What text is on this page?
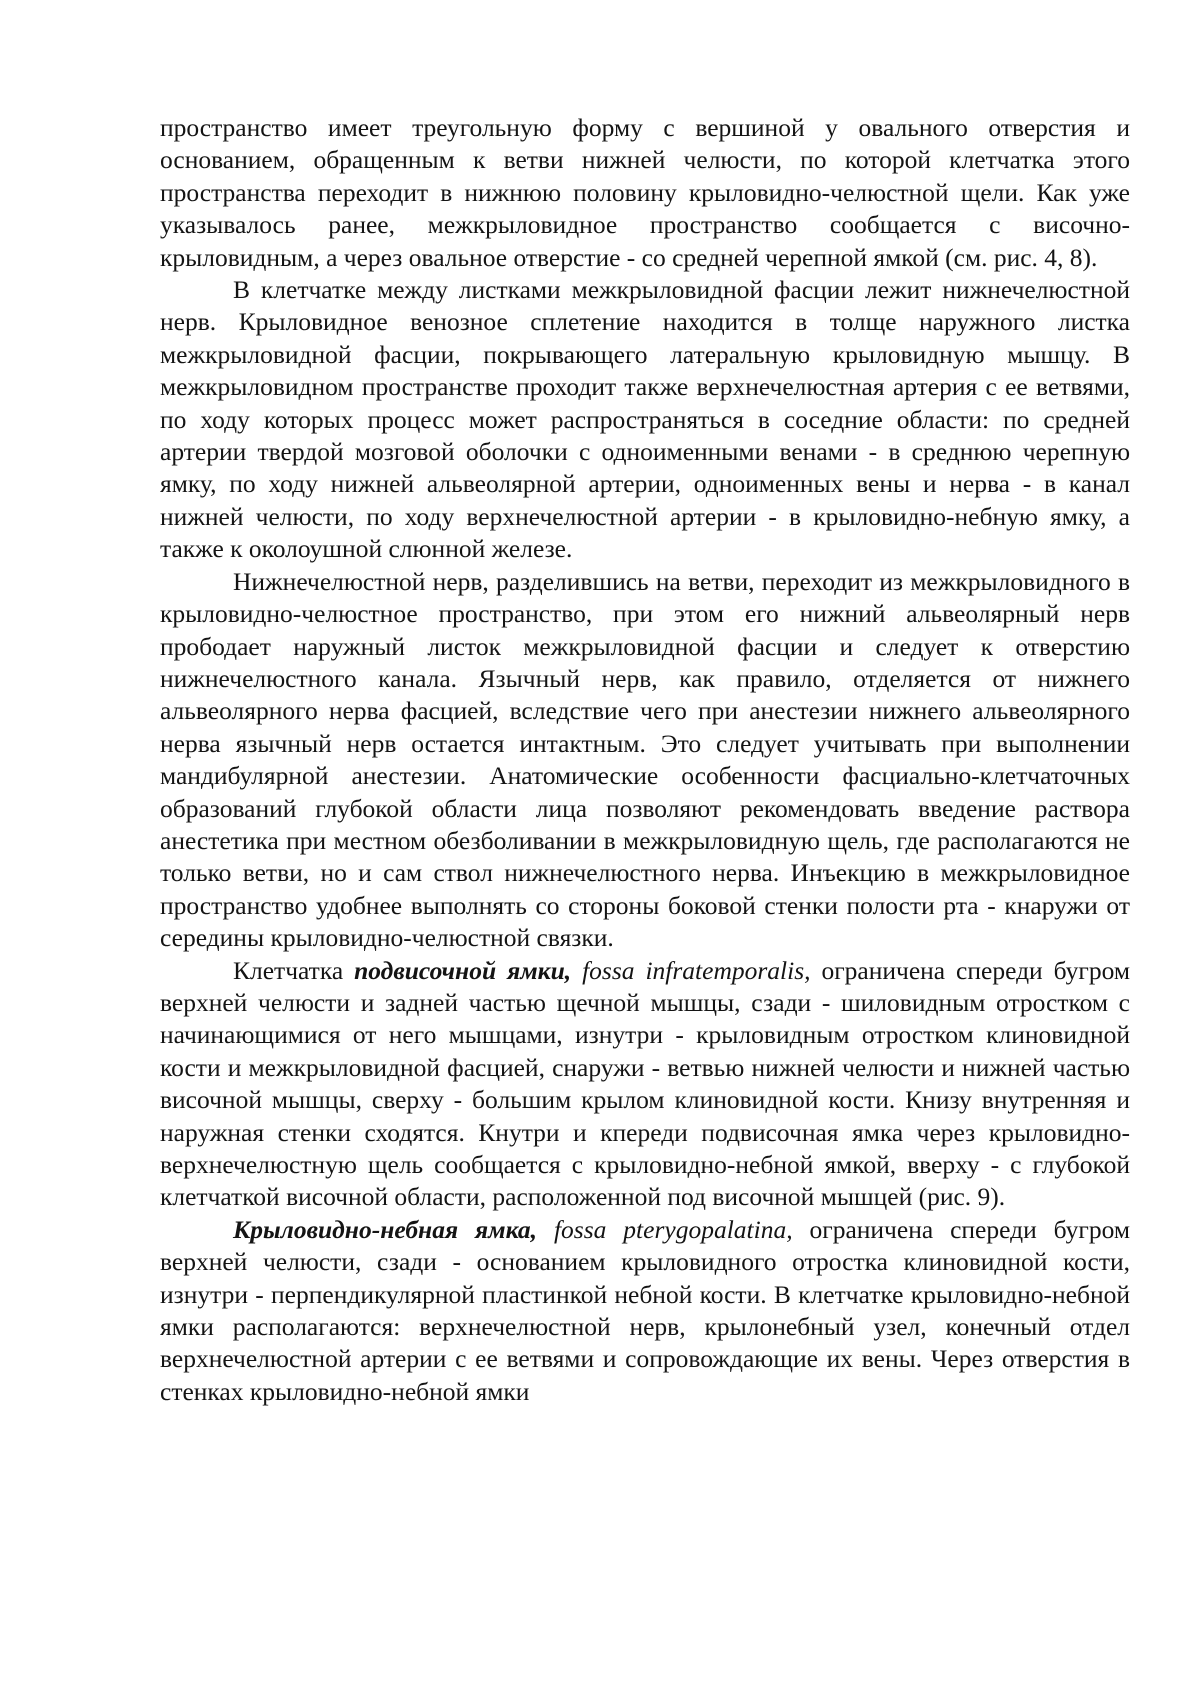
пространство имеет треугольную форму с вершиной у овального отверстия и основанием, обращенным к ветви нижней челюсти, по которой клетчатка этого пространства переходит в нижнюю половину крыловидно-челюстной щели. Как уже указывалось ранее, межкрыловидное пространство сообщается с височно-крыловидным, а через овальное отверстие - со средней черепной ямкой (см. рис. 4, 8).

В клетчатке между листками межкрыловидной фасции лежит нижнечелюстной нерв. Крыловидное венозное сплетение находится в толще наружного листка межкрыловидной фасции, покрывающего латеральную крыловидную мышцу. В межкрыловидном пространстве проходит также верхнечелюстная артерия с ее ветвями, по ходу которых процесс может распространяться в соседние области: по средней артерии твердой мозговой оболочки с одноименными венами - в среднюю черепную ямку, по ходу нижней альвеолярной артерии, одноименных вены и нерва - в канал нижней челюсти, по ходу верхнечелюстной артерии - в крыловидно-небную ямку, а также к околоушной слюнной железе.

Нижнечелюстной нерв, разделившись на ветви, переходит из межкрыловидного в крыловидно-челюстное пространство, при этом его нижний альвеолярный нерв прободает наружный листок межкрыловидной фасции и следует к отверстию нижнечелюстного канала. Язычный нерв, как правило, отделяется от нижнего альвеолярного нерва фасцией, вследствие чего при анестезии нижнего альвеолярного нерва язычный нерв остается интактным. Это следует учитывать при выполнении мандибулярной анестезии. Анатомические особенности фасциально-клетчаточных образований глубокой области лица позволяют рекомендовать введение раствора анестетика при местном обезболивании в межкрыловидную щель, где располагаются не только ветви, но и сам ствол нижнечелюстного нерва. Инъекцию в межкрыловидное пространство удобнее выполнять со стороны боковой стенки полости рта - кнаружи от середины крыловидно-челюстной связки.

Клетчатка подвисочной ямки, fossa infratemporalis, ограничена спереди бугром верхней челюсти и задней частью щечной мышцы, сзади - шиловидным отростком с начинающимися от него мышцами, изнутри - крыловидным отростком клиновидной кости и межкрыловидной фасцией, снаружи - ветвью нижней челюсти и нижней частью височной мышцы, сверху - большим крылом клиновидной кости. Книзу внутренняя и наружная стенки сходятся. Кнутри и кпереди подвисочная ямка через крыловидно-верхнечелюстную щель сообщается с крыловидно-небной ямкой, вверху - с глубокой клетчаткой височной области, расположенной под височной мышцей (рис. 9).

Крыловидно-небная ямка, fossa pterygopalatina, ограничена спереди бугром верхней челюсти, сзади - основанием крыловидного отростка клиновидной кости, изнутри - перпендикулярной пластинкой небной кости. В клетчатке крыловидно-небной ямки располагаются: верхнечелюстной нерв, крылонебный узел, конечный отдел верхнечелюстной артерии с ее ветвями и сопровождающие их вены. Через отверстия в стенках крыловидно-небной ямки
